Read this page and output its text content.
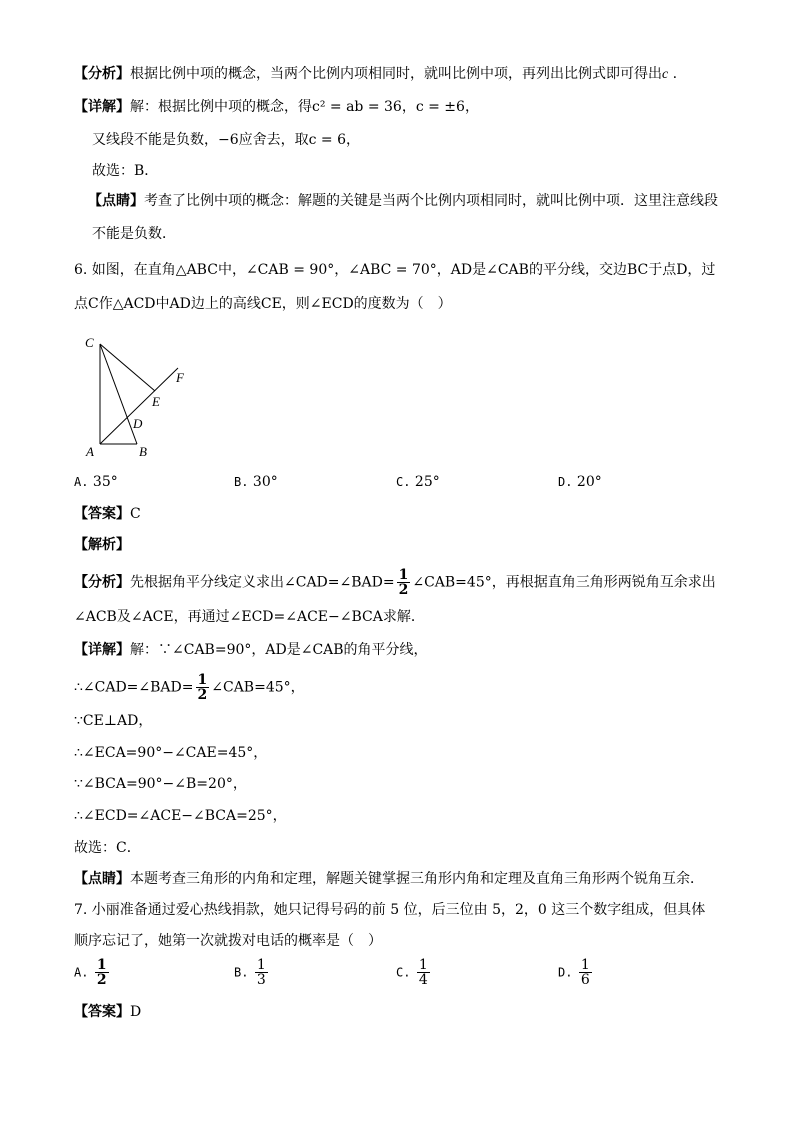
【分析】根据比例中项的概念，当两个比例内项相同时，就叫比例中项，再列出比例式即可得出c .
【详解】解：根据比例中项的概念，得c² = ab = 36，c = ±6，
又线段不能是负数，−6应舍去，取c = 6，
故选：B．
【点睛】考查了比例中项的概念：解题的关键是当两个比例内项相同时，就叫比例中项．这里注意线段
不能是负数．
6. 如图，在直角△ABC中，∠CAB = 90°，∠ABC = 70°，AD是∠CAB的平分线，交边BC于点D，过
点C作△ACD中AD边上的高线CE，则∠ECD的度数为（　）
C
F
E
D
A	B
A. 35°	B. 30°	C. 25°	D. 20°
【答案】C
【解析】
【分析】先根据角平分线定义求出∠CAD=∠BAD= $\frac{1}{2}$ ∠CAB=45°，再根据直角三角形两锐角互余求出
∠ACB及∠ACE，再通过∠ECD=∠ACE−∠BCA求解．
【详解】解：∵∠CAB=90°，AD是∠CAB的角平分线，
∴∠CAD=∠BAD= $\frac{1}{2}$ ∠CAB=45°，
∵CE⊥AD，
∴∠ECA=90°−∠CAE=45°，
∵∠BCA=90°−∠B=20°，
∴∠ECD=∠ACE−∠BCA=25°，
故选：C．
【点睛】本题考查三角形的内角和定理，解题关键掌握三角形内角和定理及直角三角形两个锐角互余．
7. 小丽准备通过爱心热线捐款，她只记得号码的前 5 位，后三位由 5，2，0 这三个数字组成，但具体
顺序忘记了，她第一次就拨对电话的概率是（　）
A. $\frac{1}{2}$	B. $\frac{1}{3}$	C. $\frac{1}{4}$	D. $\frac{1}{6}$
【答案】D
